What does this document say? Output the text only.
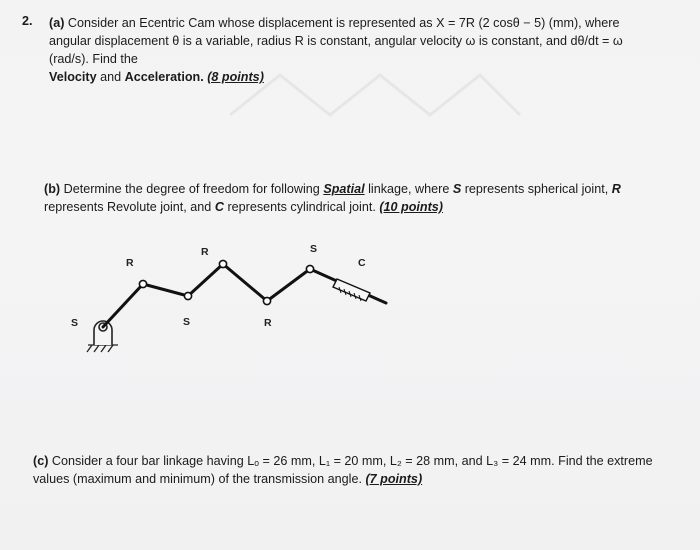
2. (a) Consider an Ecentric Cam whose displacement is represented as X = 7R (2 cosθ − 5) (mm), where angular displacement θ is a variable, radius R is constant, angular velocity ω is constant, and dθ/dt = ω (rad/s). Find the
Velocity and Acceleration. (8 points)
(b) Determine the degree of freedom for following Spatial linkage, where S represents spherical joint, R represents Revolute joint, and C represents cylindrical joint. (10 points)
S
R
S
R
R
S
C
(c) Consider a four bar linkage having Lₒ = 26 mm, L₁ = 20 mm, L₂ = 28 mm, and L₃ = 24 mm. Find the extreme values (maximum and minimum) of the transmission angle. (7 points)
